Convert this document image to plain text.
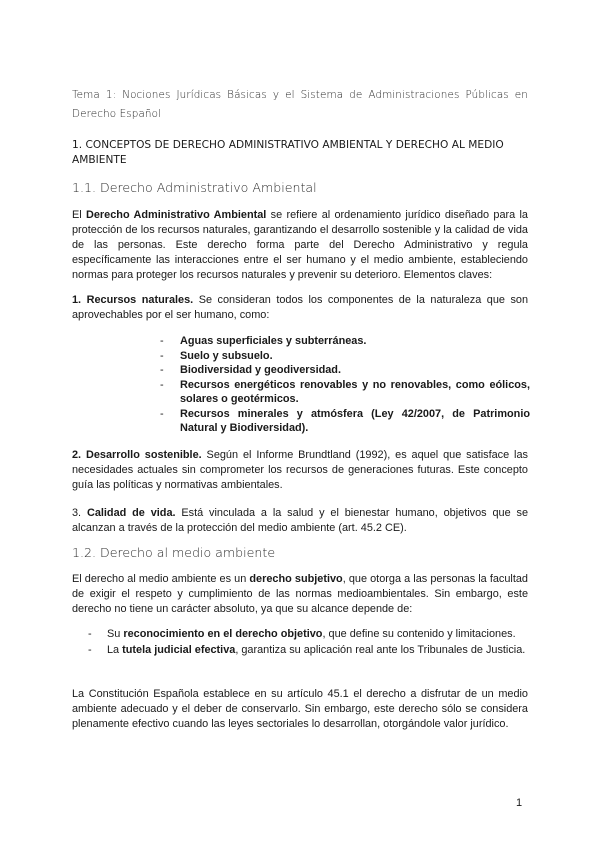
Tema 1: Nociones Jurídicas Básicas y el Sistema de Administraciones Públicas en Derecho Español
1. CONCEPTOS DE DERECHO ADMINISTRATIVO AMBIENTAL Y DERECHO AL MEDIO AMBIENTE
1.1. Derecho Administrativo Ambiental
El Derecho Administrativo Ambiental se refiere al ordenamiento jurídico diseñado para la protección de los recursos naturales, garantizando el desarrollo sostenible y la calidad de vida de las personas. Este derecho forma parte del Derecho Administrativo y regula específicamente las interacciones entre el ser humano y el medio ambiente, estableciendo normas para proteger los recursos naturales y prevenir su deterioro. Elementos claves:
1. Recursos naturales. Se consideran todos los componentes de la naturaleza que son aprovechables por el ser humano, como:
- Aguas superficiales y subterráneas.
- Suelo y subsuelo.
- Biodiversidad y geodiversidad.
- Recursos energéticos renovables y no renovables, como eólicos, solares o geotérmicos.
- Recursos minerales y atmósfera (Ley 42/2007, de Patrimonio Natural y Biodiversidad).
2. Desarrollo sostenible. Según el Informe Brundtland (1992), es aquel que satisface las necesidades actuales sin comprometer los recursos de generaciones futuras. Este concepto guía las políticas y normativas ambientales.
3. Calidad de vida. Está vinculada a la salud y el bienestar humano, objetivos que se alcanzan a través de la protección del medio ambiente (art. 45.2 CE).
1.2. Derecho al medio ambiente
El derecho al medio ambiente es un derecho subjetivo, que otorga a las personas la facultad de exigir el respeto y cumplimiento de las normas medioambientales. Sin embargo, este derecho no tiene un carácter absoluto, ya que su alcance depende de:
- Su reconocimiento en el derecho objetivo, que define su contenido y limitaciones.
- La tutela judicial efectiva, garantiza su aplicación real ante los Tribunales de Justicia.
La Constitución Española establece en su artículo 45.1 el derecho a disfrutar de un medio ambiente adecuado y el deber de conservarlo. Sin embargo, este derecho sólo se considera plenamente efectivo cuando las leyes sectoriales lo desarrollan, otorgándole valor jurídico.
1
